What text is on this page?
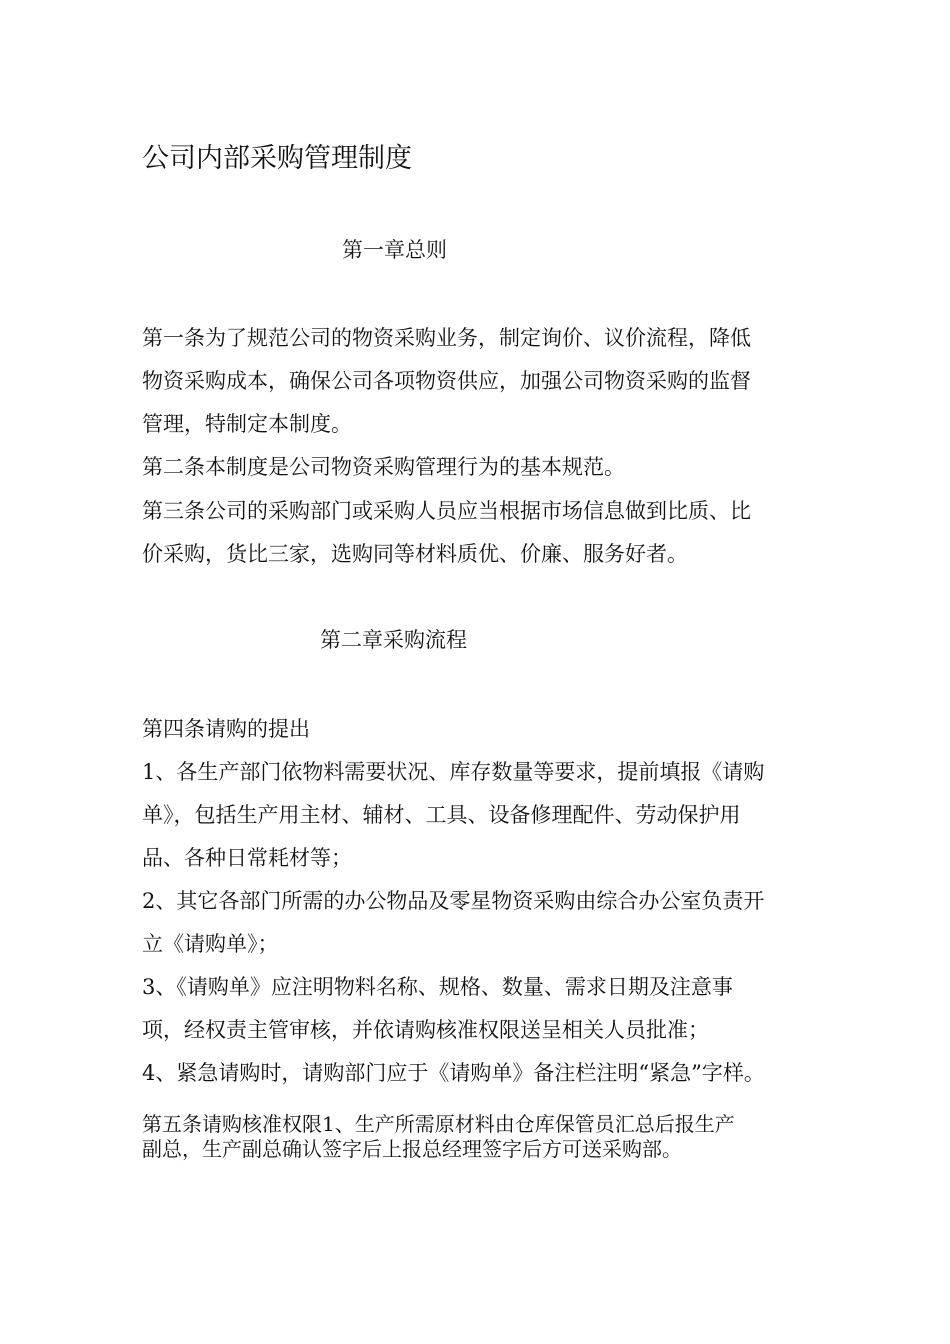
公司内部采购管理制度
第一章总则

第一条为了规范公司的物资采购业务，制定询价、议价流程，降低

物资采购成本，确保公司各项物资供应，加强公司物资采购的监督

管理，特制定本制度。

第二条本制度是公司物资采购管理行为的基本规范。

第三条公司的采购部门或采购人员应当根据市场信息做到比质、比

价采购，货比三家，选购同等材料质优、价廉、服务好者。

第二章采购流程

第四条请购的提出

1、各生产部门依物料需要状况、库存数量等要求，提前填报《请购

单》，包括生产用主材、辅材、工具、设备修理配件、劳动保护用

品、各种日常耗材等；

2、其它各部门所需的办公物品及零星物资采购由综合办公室负责开

立《请购单》；

3、《请购单》应注明物料名称、规格、数量、需求日期及注意事

项，经权责主管审核，并依请购核准权限送呈相关人员批准；

4、紧急请购时，请购部门应于《请购单》备注栏注明“紧急”字样。

第五条请购核准权限1、生产所需原材料由仓库保管员汇总后报生产

副总，生产副总确认签字后上报总经理签字后方可送采购部。
